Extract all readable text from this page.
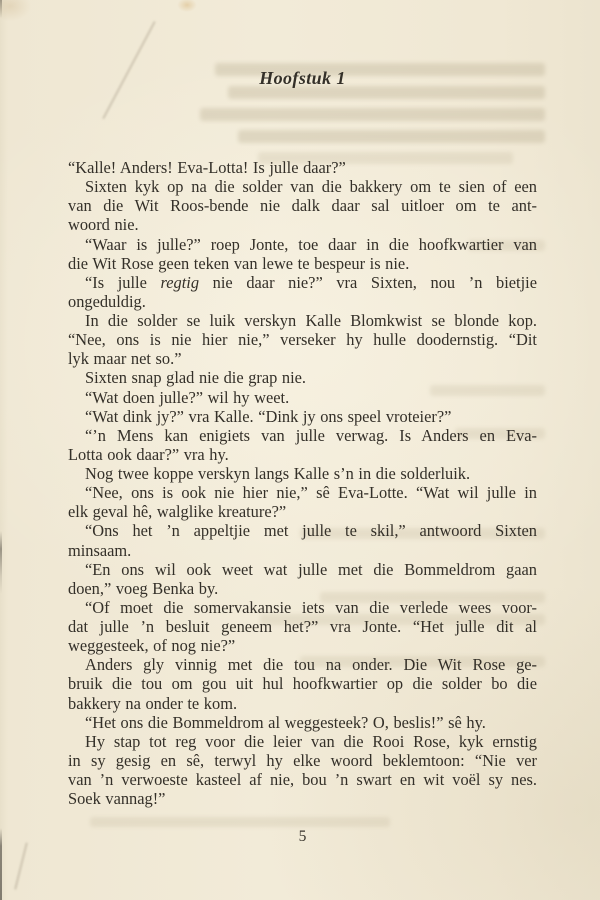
Hoofstuk 1
“Kalle! Anders! Eva-Lotta! Is julle daar?”
Sixten kyk op na die solder van die bakkery om te sien of een
van die Wit Roos-bende nie dalk daar sal uitloer om te ant-
woord nie.
“Waar is julle?” roep Jonte, toe daar in die hoofkwartier van
die Wit Rose geen teken van lewe te bespeur is nie.
“Is julle regtig nie daar nie?” vra Sixten, nou ’n bietjie
ongeduldig.
In die solder se luik verskyn Kalle Blomkwist se blonde kop.
“Nee, ons is nie hier nie,” verseker hy hulle doodernstig. “Dit
lyk maar net so.”
Sixten snap glad nie die grap nie.
“Wat doen julle?” wil hy weet.
“Wat dink jy?” vra Kalle. “Dink jy ons speel vroteier?”
“’n Mens kan enigiets van julle verwag. Is Anders en Eva-
Lotta ook daar?” vra hy.
Nog twee koppe verskyn langs Kalle s’n in die solderluik.
“Nee, ons is ook nie hier nie,” sê Eva-Lotte. “Wat wil julle in
elk geval hê, walglike kreature?”
“Ons het ’n appeltjie met julle te skil,” antwoord Sixten
minsaam.
“En ons wil ook weet wat julle met die Bommeldrom gaan
doen,” voeg Benka by.
“Of moet die somervakansie iets van die verlede wees voor-
dat julle ’n besluit geneem het?” vra Jonte. “Het julle dit al
weggesteek, of nog nie?”
Anders gly vinnig met die tou na onder. Die Wit Rose ge-
bruik die tou om gou uit hul hoofkwartier op die solder bo die
bakkery na onder te kom.
“Het ons die Bommeldrom al weggesteek? O, beslis!” sê hy.
Hy stap tot reg voor die leier van die Rooi Rose, kyk ernstig
in sy gesig en sê, terwyl hy elke woord beklemtoon: “Nie ver
van ’n verwoeste kasteel af nie, bou ’n swart en wit voël sy nes.
Soek vannag!”
5
